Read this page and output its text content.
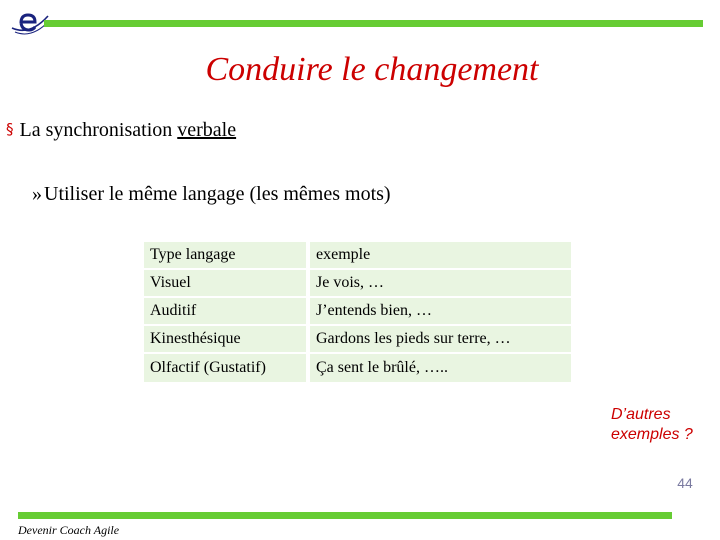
Conduire le changement
§ La synchronisation verbale
» Utiliser le même langage (les mêmes mots)
Type langage	exemple
Visuel	Je vois, …
Auditif	J’entends bien, …
Kinesthésique	Gardons les pieds sur terre, …
Olfactif (Gustatif)	Ça sent le brûlé, …..
D’autres
exemples ?
44
Devenir Coach Agile
